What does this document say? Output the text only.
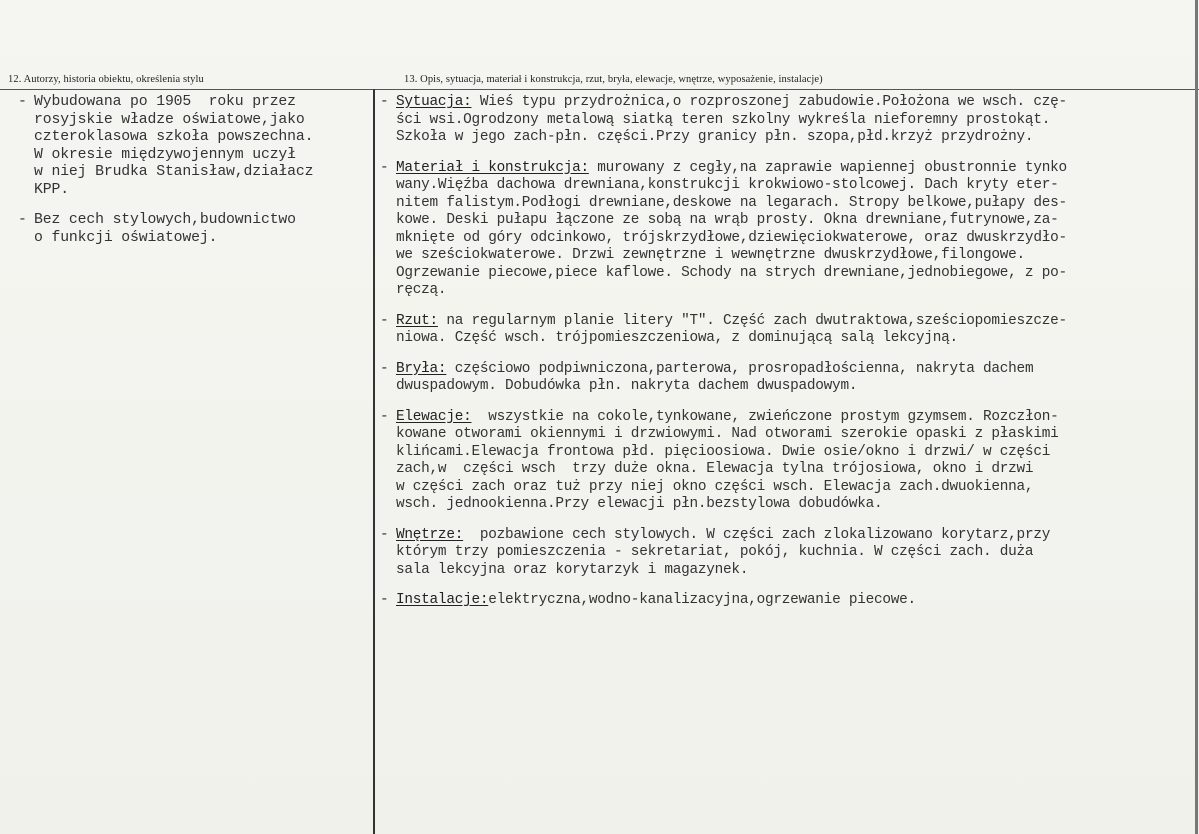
12. Autorzy, historia obiektu, określenia stylu	13. Opis, sytuacja, materiał i konstrukcja, rzut, bryła, elewacje, wnętrze, wyposażenie, instalacje)
- Wybudowana po 1905  roku przez
rosyjskie władze oświatowe,jako
czteroklasowa szkoła powszechna.
W okresie międzywojennym uczył
w niej Brudka Stanisław,działacz
KPP.
- Bez cech stylowych,budownictwo
o funkcji oświatowej.
- Sytuacja: Wieś typu przydrożnica,o rozproszonej zabudowie.Położona we wsch. czę-
ści wsi.Ogrodzony metalową siatką teren szkolny wykreśla nieforemny prostokąt.
Szkoła w jego zach-płn. części.Przy granicy płn. szopa,płd.krzyż przydrożny.
- Materiał i konstrukcja: murowany z cegły,na zaprawie wapiennej obustronnie tynko
wany.Więźba dachowa drewniana,konstrukcji krokwiowo-stolcowej. Dach kryty eter-
nitem falistym.Podłogi drewniane,deskowe na legarach. Stropy belkowe,pułapy des-
kowe. Deski pułapu łączone ze sobą na wrąb prosty. Okna drewniane,futrynowe,za-
mknięte od góry odcinkowo, trójskrzydłowe,dziewięciokwaterowe, oraz dwuskrzydło-
we sześciokwaterowe. Drzwi zewnętrzne i wewnętrzne dwuskrzydłowe,filongowe.
Ogrzewanie piecowe,piece kaflowe. Schody na strych drewniane,jednobiegowe, z po-
ręczą.
- Rzut: na regularnym planie litery "T". Część zach dwutraktowa,sześciopomieszcze-
niowa. Część wsch. trójpomieszczeniowa, z dominującą salą lekcyjną.
- Bryła: częściowo podpiwniczona,parterowa, prosropadłościenna, nakryta dachem
dwuspadowym. Dobudówka płn. nakryta dachem dwuspadowym.
- Elewacje:  wszystkie na cokole,tynkowane, zwieńczone prostym gzymsem. Rozczłon-
kowane otworami okiennymi i drzwiowymi. Nad otworami szerokie opaski z płaskimi
klińcami.Elewacja frontowa płd. pięcioosiowa. Dwie osie/okno i drzwi/ w części
zach,w  części wsch  trzy duże okna. Elewacja tylna trójosiowa, okno i drzwi
w części zach oraz tuż przy niej okno części wsch. Elewacja zach.dwuokienna,
wsch. jednookienna.Przy elewacji płn.bezstylowa dobudówka.
- Wnętrze:  pozbawione cech stylowych. W części zach zlokalizowano korytarz,przy
którym trzy pomieszczenia - sekretariat, pokój, kuchnia. W części zach. duża
sala lekcyjna oraz korytarzyk i magazynek.
- Instalacje:elektryczna,wodno-kanalizacyjna,ogrzewanie piecowe.
